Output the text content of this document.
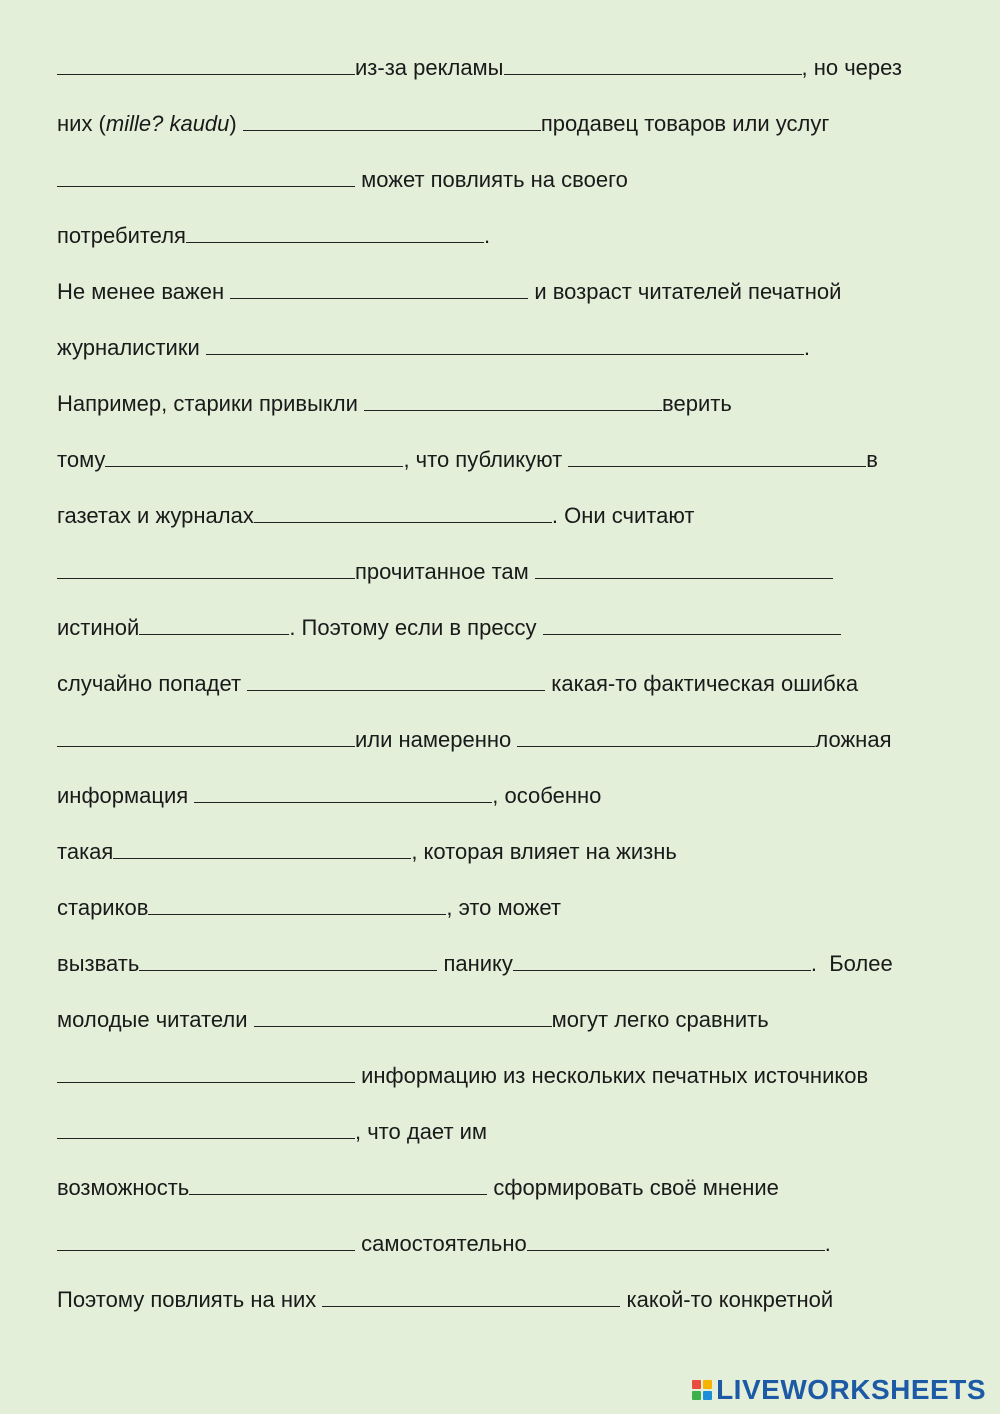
из-за рекламы	, но через
них (mille? kaudu)	продавец товаров или услуг
может повлиять на своего
потребителя	.
Не менее важен	и возраст читателей печатной
журналистики	.
Например, старики привыкли	верить
тому	, что публикуют	в
газетах и журналах	. Они считают
прочитанное там
истиной	. Поэтому если в прессу
случайно попадет	какая-то фактическая ошибка
или намеренно	ложная
информация	, особенно
такая	, которая влияет на жизнь
стариков	, это может
вызвать	панику	.  Более
молодые читатели	могут легко сравнить
информацию из нескольких печатных источников
, что дает им
возможность	сформировать своё мнение
самостоятельно	.
Поэтому повлиять на них	какой-то конкретной
LIVEWORKSHEETS
